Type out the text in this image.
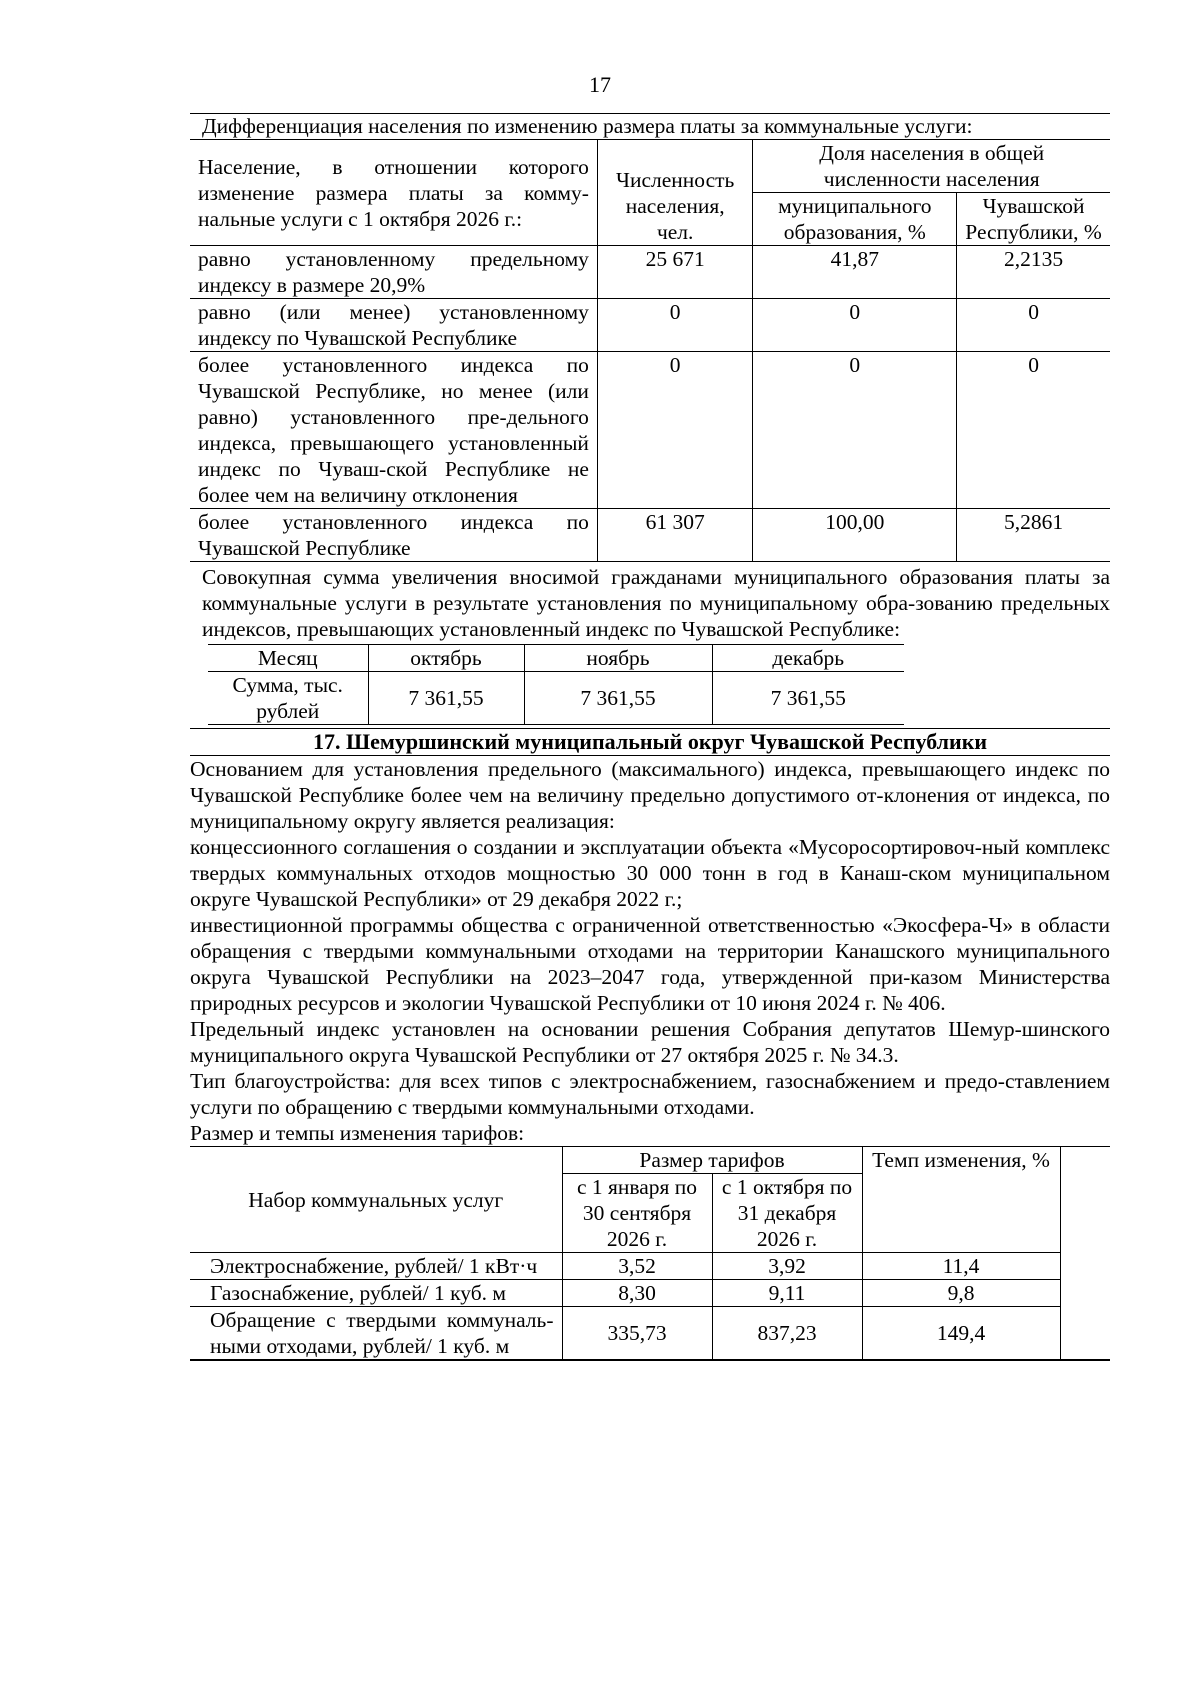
17

Дифференциация населения по изменению размера платы за коммунальные услуги:

Население, в отношении которого изменение размера платы за комму-нальные услуги с 1 октября 2026 г.:	Численность населения, чел.	Доля населения в общей численности населения	
		муниципального образования, %	Чувашской Республики, %
равно установленному предельному индексу в размере 20,9%	25 671	41,87	2,2135
равно (или менее) установленному индексу по Чувашской Республике	0	0	0
более установленного индекса по Чувашской Республике, но менее (или равно) установленного пре-дельного индекса, превышающего установленный индекс по Чуваш-ской Республике не более чем на величину отклонения	0	0	0
более установленного индекса по Чувашской Республике	61 307	100,00	5,2861

Совокупная сумма увеличения вносимой гражданами муниципального образования платы за коммунальные услуги в результате установления по муниципальному обра-зованию предельных индексов, превышающих установленный индекс по Чувашской Республике:

Месяц	октябрь	ноябрь	декабрь
Сумма, тыс. рублей	7 361,55	7 361,55	7 361,55
17. Шемуршинский муниципальный округ Чувашской Республики

Основанием для установления предельного (максимального) индекса, превышающего индекс по Чувашской Республике более чем на величину предельно допустимого от-клонения от индекса, по муниципальному округу является реализация:

концессионного соглашения о создании и эксплуатации объекта «Мусоросортировоч-ный комплекс твердых коммунальных отходов мощностью 30 000 тонн в год в Канаш-ском муниципальном округе Чувашской Республики» от 29 декабря 2022 г.;

инвестиционной программы общества с ограниченной ответственностью «Экосфера-Ч» в области обращения с твердыми коммунальными отходами на территории Канашского муниципального округа Чувашской Республики на 2023–2047 года, утвержденной при-казом Министерства природных ресурсов и экологии Чувашской Республики от 10 июня 2024 г. № 406.

Предельный индекс установлен на основании решения Собрания депутатов Шемур-шинского муниципального округа Чувашской Республики от 27 октября 2025 г. № 34.3.

Тип благоустройства: для всех типов с электроснабжением, газоснабжением и предо-ставлением услуги по обращению с твердыми коммунальными отходами.

Размер и темпы изменения тарифов:

Набор коммунальных услуг	Размер тарифов		Темп изменения, %	
	с 1 января по 30 сентября 2026 г.	с 1 октября по 31 декабря 2026 г.		
Электроснабжение, рублей/ 1 кВт·ч	3,52	3,92	11,4	
Газоснабжение, рублей/ 1 куб. м	8,30	9,11	9,8	
Обращение с твердыми коммуналь-ными отходами, рублей/ 1 куб. м	335,73	837,23	149,4	
